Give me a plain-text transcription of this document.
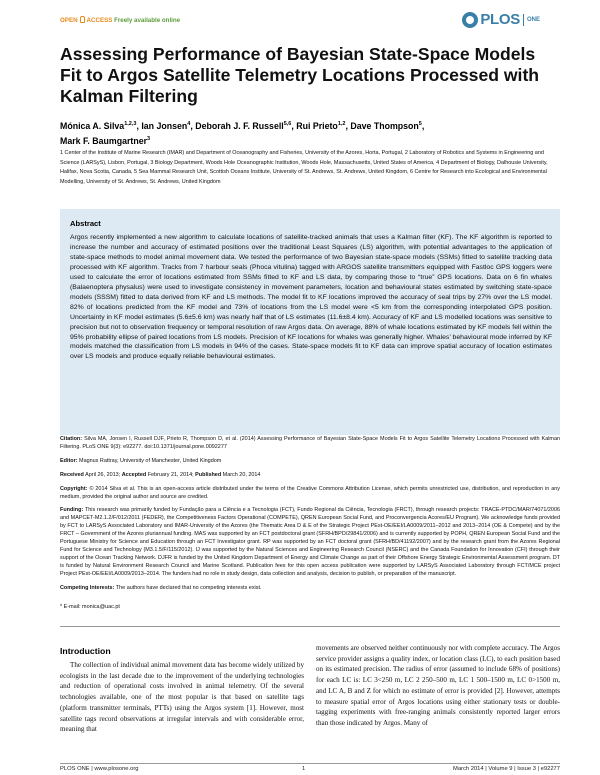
OPEN ACCESS Freely available online	PLOS ONE
Assessing Performance of Bayesian State-Space Models Fit to Argos Satellite Telemetry Locations Processed with Kalman Filtering
Mónica A. Silva$^{1,2,3}$, Ian Jonsen$^4$, Deborah J. F. Russell$^{5,6}$, Rui Prieto$^{1,2}$, Dave Thompson$^5$,
Mark F. Baumgartner$^3$

1 Center of the Institute of Marine Research (IMAR) and Department of Oceanography and Fisheries, University of the Azores, Horta, Portugal, 2 Laboratory of Robotics and Systems in Engineering and Science (LARSyS), Lisbon, Portugal, 3 Biology Department, Woods Hole Oceanographic Institution, Woods Hole, Massachusetts, United States of America, 4 Department of Biology, Dalhousie University, Halifax, Nova Scotia, Canada, 5 Sea Mammal Research Unit, Scottish Oceans Institute, University of St. Andrews, St. Andrews, United Kingdom, 6 Centre for Research into Ecological and Environmental Modelling, University of St. Andrews, St. Andrews, United Kingdom

Abstract

Argos recently implemented a new algorithm to calculate locations of satellite-tracked animals that uses a Kalman filter (KF). The KF algorithm is reported to increase the number and accuracy of estimated positions over the traditional Least Squares (LS) algorithm, with potential advantages to the application of state-space methods to model animal movement data. We tested the performance of two Bayesian state-space models (SSMs) fitted to satellite tracking data processed with KF algorithm. Tracks from 7 harbour seals (Phoca vitulina) tagged with ARGOS satellite transmitters equipped with Fastloc GPS loggers were used to calculate the error of locations estimated from SSMs fitted to KF and LS data, by comparing those to “true” GPS locations. Data on 6 fin whales (Balaenoptera physalus) were used to investigate consistency in movement parameters, location and behavioural states estimated by switching state-space models (SSSM) fitted to data derived from KF and LS methods. The model fit to KF locations improved the accuracy of seal trips by 27% over the LS model. 82% of locations predicted from the KF model and 73% of locations from the LS model were <5 km from the corresponding interpolated GPS position. Uncertainty in KF model estimates (5.6±5.6 km) was nearly half that of LS estimates (11.6±8.4 km). Accuracy of KF and LS modelled locations was sensitive to precision but not to observation frequency or temporal resolution of raw Argos data. On average, 88% of whale locations estimated by KF models fell within the 95% probability ellipse of paired locations from LS models. Precision of KF locations for whales was generally higher. Whales’ behavioural mode inferred by KF models matched the classification from LS models in 94% of the cases. State-space models fit to KF data can improve spatial accuracy of location estimates over LS models and produce equally reliable behavioural estimates.

Citation: Silva MA, Jonsen I, Russell DJF, Prieto R, Thompson D, et al. (2014) Assessing Performance of Bayesian State-Space Models Fit to Argos Satellite Telemetry Locations Processed with Kalman Filtering. PLoS ONE 9(3): e92277. doi:10.1371/journal.pone.0092277

Editor: Magnus Rattray, University of Manchester, United Kingdom

Received April 26, 2013; Accepted February 21, 2014; Published March 20, 2014

Copyright: © 2014 Silva et al. This is an open-access article distributed under the terms of the Creative Commons Attribution License, which permits unrestricted use, distribution, and reproduction in any medium, provided the original author and source are credited.

Funding: This research was primarily funded by Fundação para a Ciência e a Tecnologia (FCT), Fundo Regional da Ciência, Tecnologia (FRCT), through research projects: TRACE-PTDC/MAR/74071/2006 and MAPCET-M2.1.2/F/012/2011 (FEDER), the Competitiveness Factors Operational (COMPETE), QREN European Social Fund, and Proconvergencia Acores/EU Program). We acknowledge funds provided by FCT to LARSyS Associated Laboratory and IMAR-University of the Azores (the Thematic Area D & E of the Strategic Project PEst-OE/EEI/LA0009/2011–2012 and 2013–2014 (OE & Compete) and by the FRCT – Government of the Azores pluriannual funding. MAS was supported by an FCT postdoctoral grant (SFRH/BPD/29841/2006) and is currently supported by POPH, QREN European Social Fund and the Portuguese Ministry for Science and Education through an FCT Investigator grant. RP was supported by an FCT doctoral grant (SFRH/BD/41192/2007) and by the research grant from the Azores Regional Fund for Science and Technology (M3.1.5/F/115/2012). IJ was supported by the Natural Sciences and Engineering Research Council (NSERC) and the Canada Foundation for Innovation (CFI) through their support of the Ocean Tracking Network. DJFR is funded by the United Kingdom Department of Energy and Climate Change as part of their Offshore Energy Strategic Environmental Assessment program. DT is funded by Natural Environment Research Council and Marine Scotland. Publication fees for this open access publication were supported by LARSyS Associated Laboratory through FCT/MCE project Project PEst-OE/EEI/LA0009/2013–2014. The funders had no role in study design, data collection and analysis, decision to publish, or preparation of the manuscript.

Competing Interests: The authors have declared that no competing interests exist.

* E-mail: monica@uac.pt

Introduction

The collection of individual animal movement data has become widely utilized by ecologists in the last decade due to the improvement of the underlying technologies and reduction of operational costs involved in animal telemetry. Of the several technologies available, one of the most popular is that based on satellite tags (platform transmitter terminals, PTTs) using the Argos system [1]. However, most satellite tags record observations at irregular intervals and with considerable error, meaning that

movements are observed neither continuously nor with complete accuracy. The Argos service provider assigns a quality index, or location class (LC), to each position based on its estimated precision. The radius of error (assumed to include 68% of positions) for each LC is: LC 3<250 m, LC 2 250–500 m, LC 1 500–1500 m, LC 0>1500 m, and LC A, B and Z for which no estimate of error is provided [2]. However, attempts to measure spatial error of Argos locations using either stationary tests or double-tagging experiments with free-ranging animals consistently reported larger errors than those indicated by Argos. Many of

PLOS ONE | www.plosone.org	1	March 2014 | Volume 9 | Issue 3 | e92277
